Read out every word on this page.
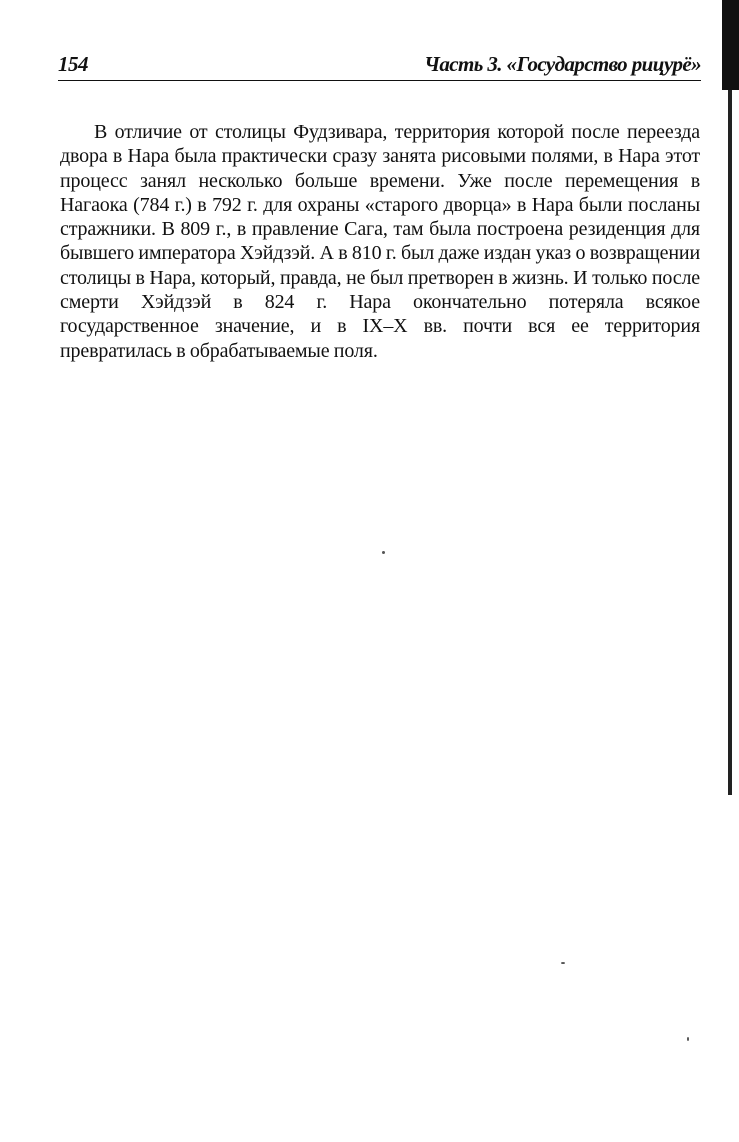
154	Часть 3. «Государство рицурё»

В отличие от столицы Фудзивара, территория которой после переезда двора в Нара была практически сразу занята рисовыми полями, в Нара этот процесс занял несколько больше времени. Уже после перемещения в Нагаока (784 г.) в 792 г. для охраны «старого дворца» в Нара были посланы стражники. В 809 г., в правление Сага, там была построена резиденция для бывшего императора Хэйдзэй. А в 810 г. был даже издан указ о возвращении столицы в Нара, который, правда, не был претворен в жизнь. И только после смерти Хэйдзэй в 824 г. Нара окончательно потеряла всякое государственное значение, и в IX–X вв. почти вся ее территория превратилась в обрабатываемые поля.
